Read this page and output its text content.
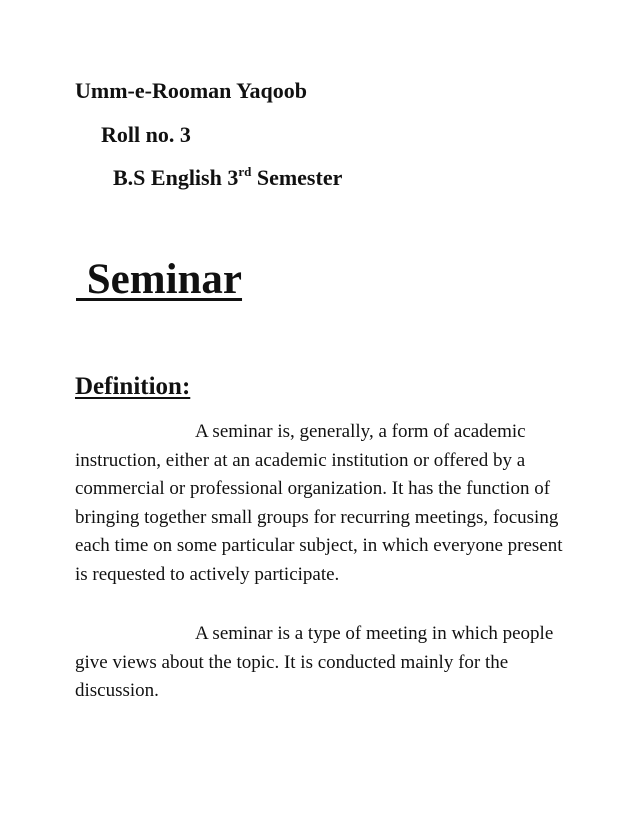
Umm-e-Rooman Yaqoob
Roll no. 3
B.S English 3rd Semester
Seminar
Definition:

A seminar is, generally, a form of academic instruction, either at an academic institution or offered by a commercial or professional organization. It has the function of bringing together small groups for recurring meetings, focusing each time on some particular subject, in which everyone present is requested to actively participate.

A seminar is a type of meeting in which people give views about the topic. It is conducted mainly for the discussion.
